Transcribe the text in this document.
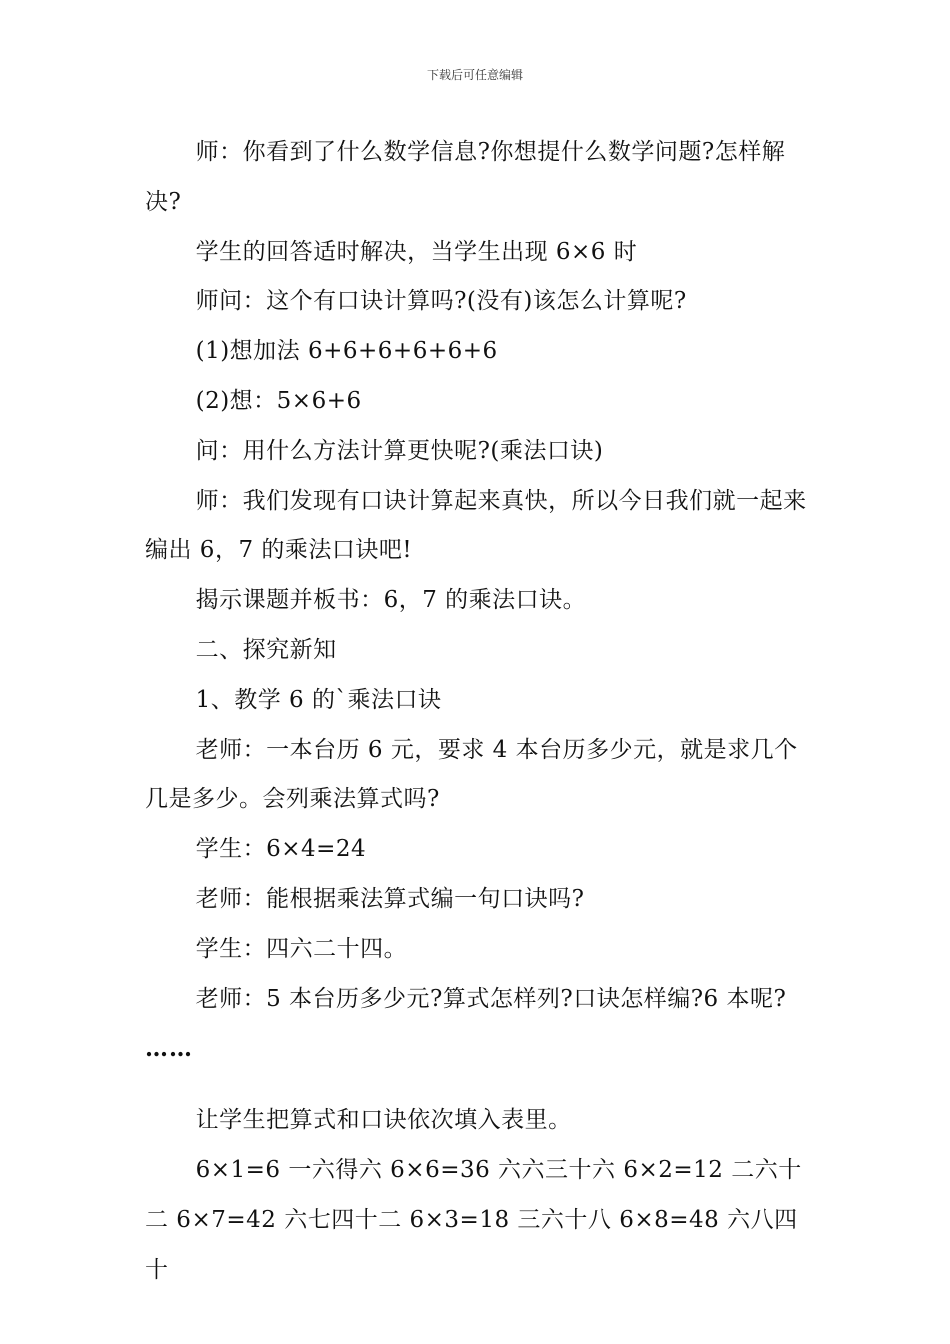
下载后可任意编辑

师：你看到了什么数学信息?你想提什么数学问题?怎样解决?

学生的回答适时解决，当学生出现 6×6 时

师问：这个有口诀计算吗?(没有)该怎么计算呢?

(1)想加法 6+6+6+6+6+6

(2)想：5×6+6

问：用什么方法计算更快呢?(乘法口诀)

师：我们发现有口诀计算起来真快，所以今日我们就一起来编出 6，7 的乘法口诀吧!

揭示课题并板书：6，7 的乘法口诀。

二、探究新知

1、教学 6 的`乘法口诀

老师：一本台历 6 元，要求 4 本台历多少元，就是求几个几是多少。会列乘法算式吗?

学生：6×4=24

老师：能根据乘法算式编一句口诀吗?

学生：四六二十四。

老师：5 本台历多少元?算式怎样列?口诀怎样编?6 本呢?

……

让学生把算式和口诀依次填入表里。

6×1=6 一六得六 6×6=36 六六三十六 6×2=12 二六十二 6×7=42 六七四十二 6×3=18 三六十八 6×8=48 六八四十
